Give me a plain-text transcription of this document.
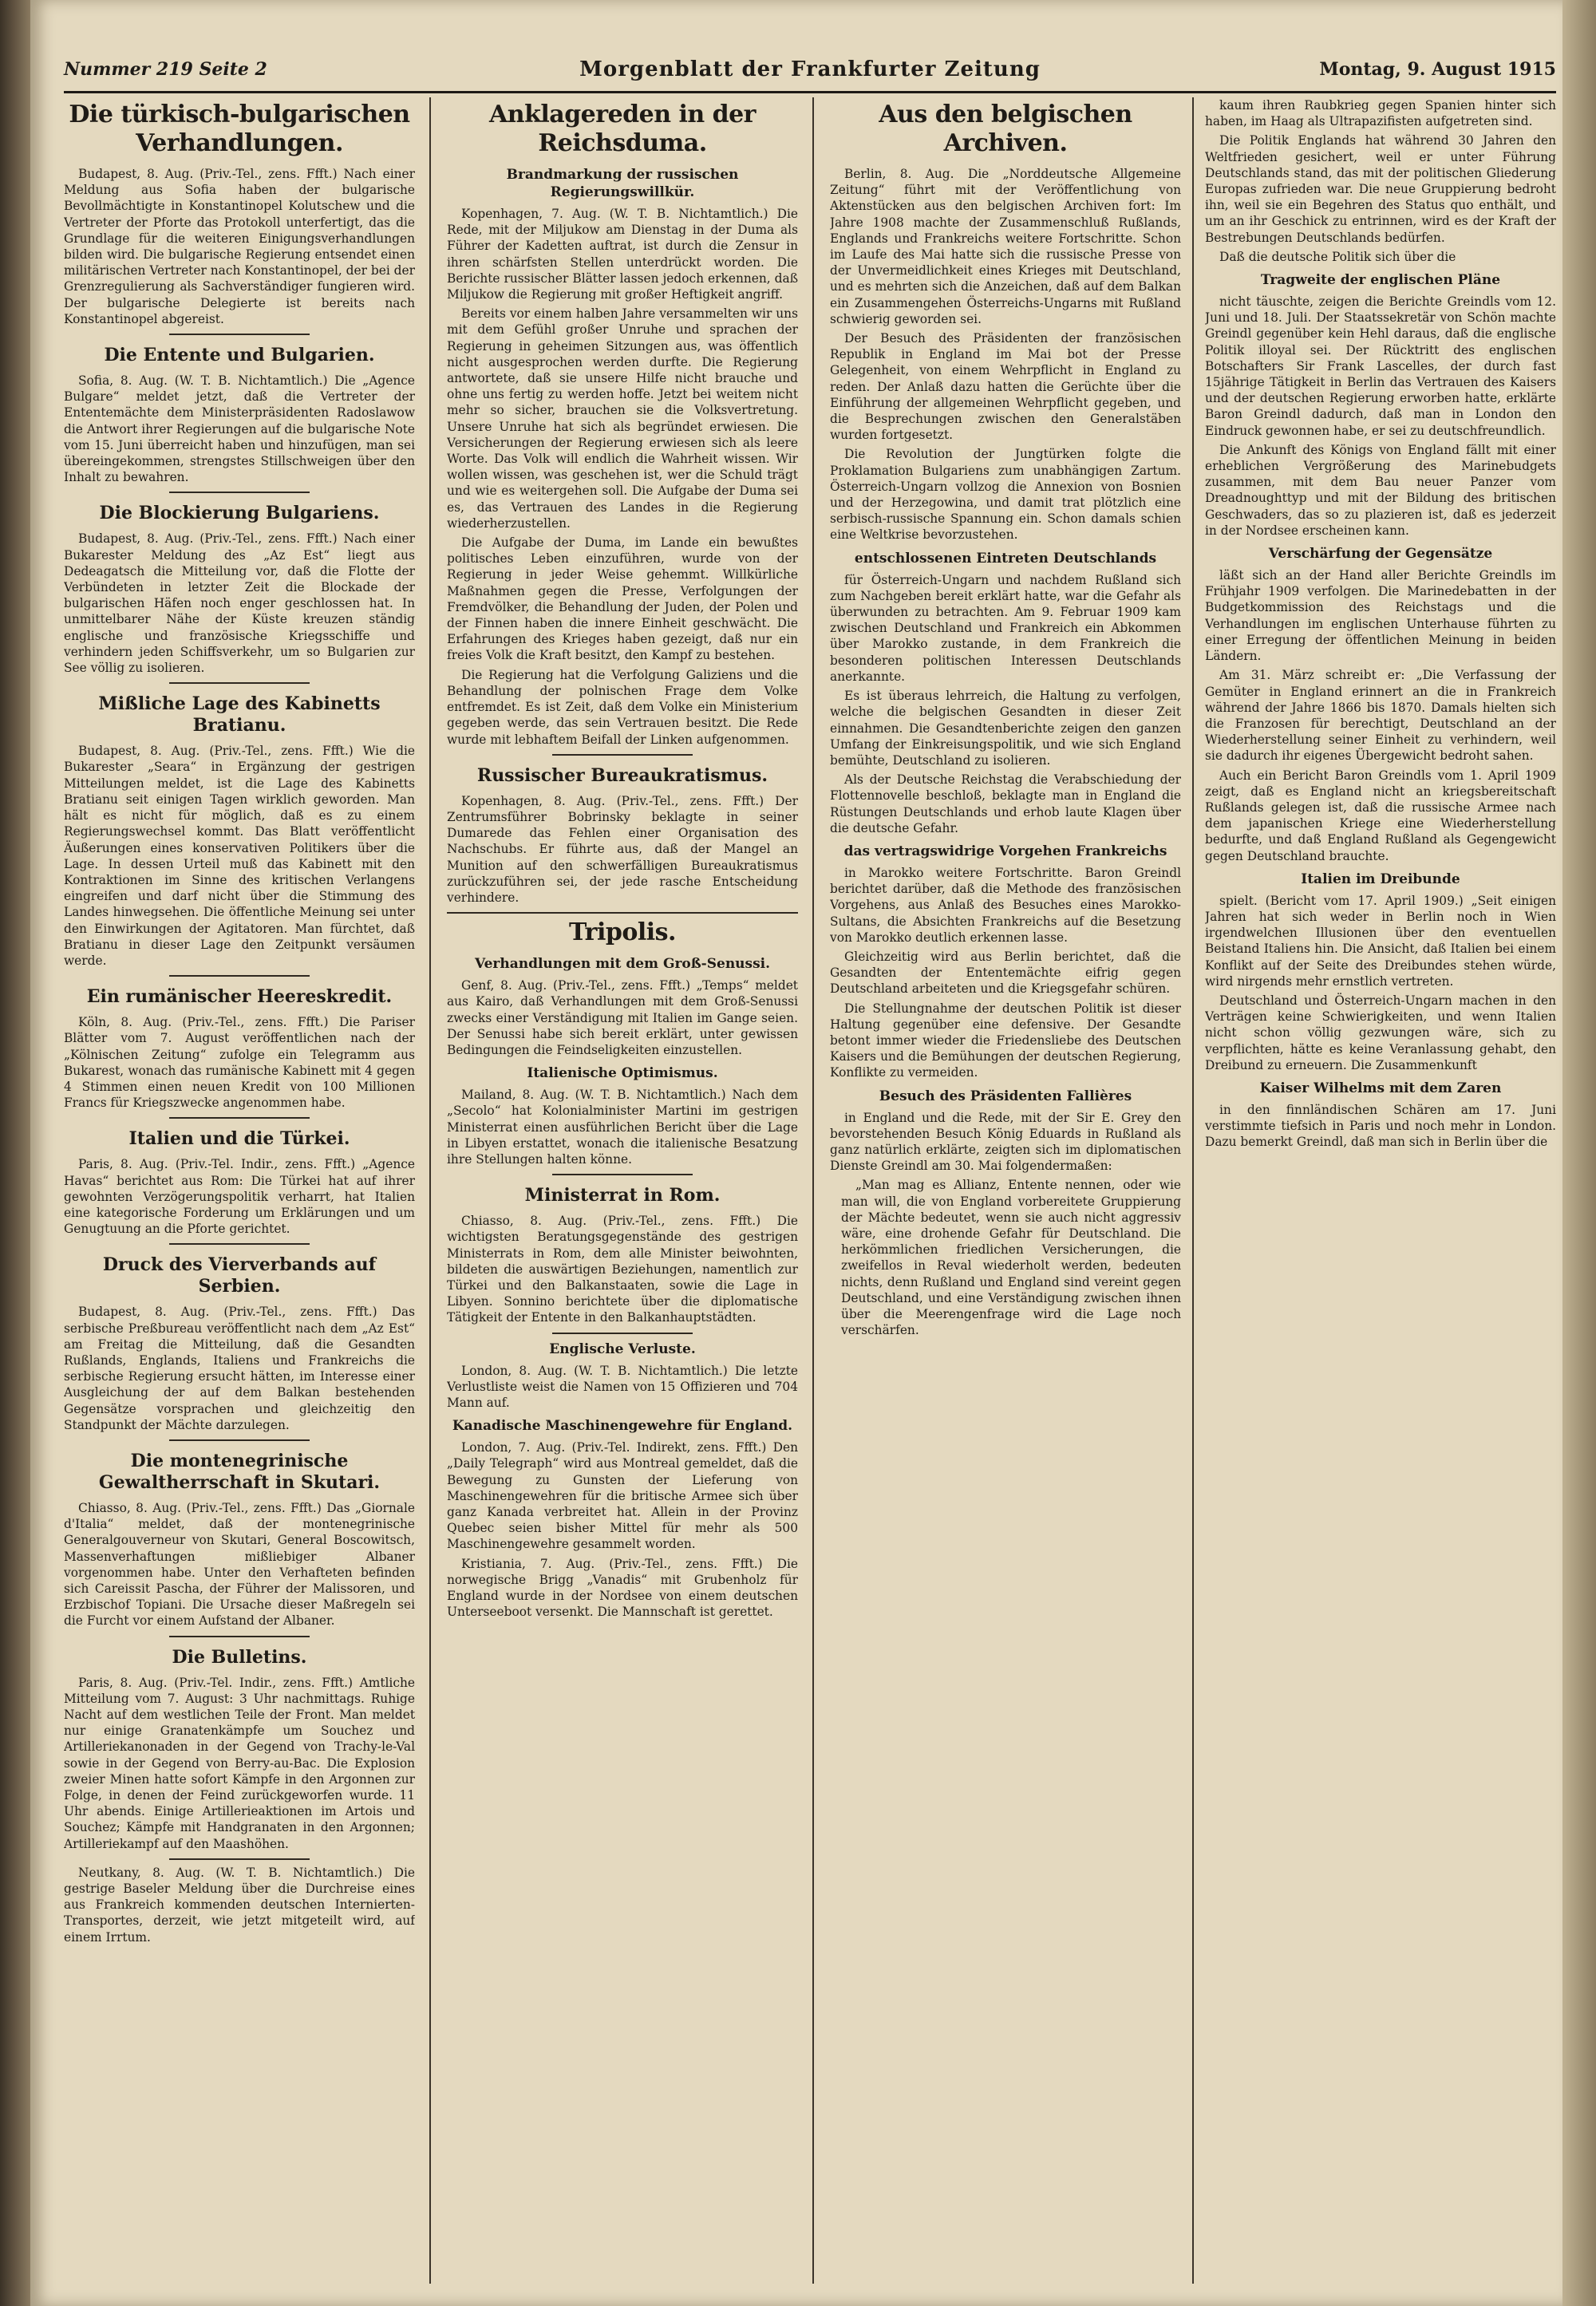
Nummer 219 Seite 2	Morgenblatt der Frankfurter Zeitung	Montag, 9. August 1915
Die türkisch-bulgarischen Verhandlungen.

Budapest, 8. Aug. (Priv.-Tel., zens. Ffft.) Nach einer Meldung aus Sofia haben der bulgarische Bevollmächtigte in Konstantinopel Kolutschew und die Vertreter der Pforte das Protokoll unterfertigt, das die Grundlage für die weiteren Einigungsverhandlungen bilden wird. Die bulgarische Regierung entsendet einen militärischen Vertreter nach Konstantinopel, der bei der Grenzregulierung als Sachverständiger fungieren wird. Der bulgarische Delegierte ist bereits nach Konstantinopel abgereist.

Die Entente und Bulgarien.

Sofia, 8. Aug. (W. T. B. Nichtamtlich.) Die „Agence Bulgare“ meldet jetzt, daß die Vertreter der Ententemächte dem Ministerpräsidenten Radoslawow die Antwort ihrer Regierungen auf die bulgarische Note vom 15. Juni überreicht haben und hinzufügen, man sei übereingekommen, strengstes Stillschweigen über den Inhalt zu bewahren.

Die Blockierung Bulgariens.

Budapest, 8. Aug. (Priv.-Tel., zens. Ffft.) Nach einer Bukarester Meldung des „Az Est“ liegt aus Dedeagatsch die Mitteilung vor, daß die Flotte der Verbündeten in letzter Zeit die Blockade der bulgarischen Häfen noch enger geschlossen hat. In unmittelbarer Nähe der Küste kreuzen ständig englische und französische Kriegsschiffe und verhindern jeden Schiffsverkehr, um so Bulgarien zur See völlig zu isolieren.

Mißliche Lage des Kabinetts Bratianu.

Budapest, 8. Aug. (Priv.-Tel., zens. Ffft.) Wie die Bukarester „Seara“ in Ergänzung der gestrigen Mitteilungen meldet, ist die Lage des Kabinetts Bratianu seit einigen Tagen wirklich geworden. Man hält es nicht für möglich, daß es zu einem Regierungswechsel kommt. Das Blatt veröffentlicht Äußerungen eines konservativen Politikers über die Lage. In dessen Urteil muß das Kabinett mit den Kontraktionen im Sinne des kritischen Verlangens eingreifen und darf nicht über die Stimmung des Landes hinwegsehen. Die öffentliche Meinung sei unter den Einwirkungen der Agitatoren. Man fürchtet, daß Bratianu in dieser Lage den Zeitpunkt versäumen werde.

Ein rumänischer Heereskredit.

Köln, 8. Aug. (Priv.-Tel., zens. Ffft.) Die Pariser Blätter vom 7. August veröffentlichen nach der „Kölnischen Zeitung“ zufolge ein Telegramm aus Bukarest, wonach das rumänische Kabinett mit 4 gegen 4 Stimmen einen neuen Kredit von 100 Millionen Francs für Kriegszwecke angenommen habe.

Italien und die Türkei.

Paris, 8. Aug. (Priv.-Tel. Indir., zens. Ffft.) „Agence Havas“ berichtet aus Rom: Die Türkei hat auf ihrer gewohnten Verzögerungspolitik verharrt, hat Italien eine kategorische Forderung um Erklärungen und um Genugtuung an die Pforte gerichtet.

Druck des Vierverbands auf Serbien.

Budapest, 8. Aug. (Priv.-Tel., zens. Ffft.) Das serbische Preßbureau veröffentlicht nach dem „Az Est“ am Freitag die Mitteilung, daß die Gesandten Rußlands, Englands, Italiens und Frankreichs die serbische Regierung ersucht hätten, im Interesse einer Ausgleichung der auf dem Balkan bestehenden Gegensätze vorsprachen und gleichzeitig den Standpunkt der Mächte darzulegen.

Die montenegrinische Gewaltherrschaft in Skutari.

Chiasso, 8. Aug. (Priv.-Tel., zens. Ffft.) Das „Giornale d'Italia“ meldet, daß der montenegrinische Generalgouverneur von Skutari, General Boscowitsch, Massenverhaftungen mißliebiger Albaner vorgenommen habe. Unter den Verhafteten befinden sich Careissit Pascha, der Führer der Malissoren, und Erzbischof Topiani. Die Ursache dieser Maßregeln sei die Furcht vor einem Aufstand der Albaner.

Die Bulletins.

Paris, 8. Aug. (Priv.-Tel. Indir., zens. Ffft.) Amtliche Mitteilung vom 7. August: 3 Uhr nachmittags. Ruhige Nacht auf dem westlichen Teile der Front. Man meldet nur einige Granatenkämpfe um Souchez und Artilleriekanonaden in der Gegend von Trachy-le-Val sowie in der Gegend von Berry-au-Bac. Die Explosion zweier Minen hatte sofort Kämpfe in den Argonnen zur Folge, in denen der Feind zurückgeworfen wurde. 11 Uhr abends. Einige Artillerieaktionen im Artois und Souchez; Kämpfe mit Handgranaten in den Argonnen; Artilleriekampf auf den Maashöhen.

Neutkany, 8. Aug. (W. T. B. Nichtamtlich.) Die gestrige Baseler Meldung über die Durchreise eines aus Frankreich kommenden deutschen Internierten-Transportes, derzeit, wie jetzt mitgeteilt wird, auf einem Irrtum.

Anklagereden in der Reichsduma.
Brandmarkung der russischen Regierungswillkür.

Kopenhagen, 7. Aug. (W. T. B. Nichtamtlich.) Die Rede, mit der Miljukow am Dienstag in der Duma als Führer der Kadetten auftrat, ist durch die Zensur in ihren schärfsten Stellen unterdrückt worden. Die Berichte russischer Blätter lassen jedoch erkennen, daß Miljukow die Regierung mit großer Heftigkeit angriff.

Bereits vor einem halben Jahre versammelten wir uns mit dem Gefühl großer Unruhe und sprachen der Regierung in geheimen Sitzungen aus, was öffentlich nicht ausgesprochen werden durfte. Die Regierung antwortete, daß sie unsere Hilfe nicht brauche und ohne uns fertig zu werden hoffe. Jetzt bei weitem nicht mehr so sicher, brauchen sie die Volksvertretung. Unsere Unruhe hat sich als begründet erwiesen. Die Versicherungen der Regierung erwiesen sich als leere Worte. Das Volk will endlich die Wahrheit wissen. Wir wollen wissen, was geschehen ist, wer die Schuld trägt und wie es weitergehen soll. Die Aufgabe der Duma sei es, das Vertrauen des Landes in die Regierung wiederherzustellen.

Die Aufgabe der Duma, im Lande ein bewußtes politisches Leben einzuführen, wurde von der Regierung in jeder Weise gehemmt. Willkürliche Maßnahmen gegen die Presse, Verfolgungen der Fremdvölker, die Behandlung der Juden, der Polen und der Finnen haben die innere Einheit geschwächt. Die Erfahrungen des Krieges haben gezeigt, daß nur ein freies Volk die Kraft besitzt, den Kampf zu bestehen.

Die Regierung hat die Verfolgung Galiziens und die Behandlung der polnischen Frage dem Volke entfremdet. Es ist Zeit, daß dem Volke ein Ministerium gegeben werde, das sein Vertrauen besitzt. Die Rede wurde mit lebhaftem Beifall der Linken aufgenommen.

Russischer Bureaukratismus.

Kopenhagen, 8. Aug. (Priv.-Tel., zens. Ffft.) Der Zentrumsführer Bobrinsky beklagte in seiner Dumarede das Fehlen einer Organisation des Nachschubs. Er führte aus, daß der Mangel an Munition auf den schwerfälligen Bureaukratismus zurückzuführen sei, der jede rasche Entscheidung verhindere.

Tripolis.
Verhandlungen mit dem Groß-Senussi.

Genf, 8. Aug. (Priv.-Tel., zens. Ffft.) „Temps“ meldet aus Kairo, daß Verhandlungen mit dem Groß-Senussi zwecks einer Verständigung mit Italien im Gange seien. Der Senussi habe sich bereit erklärt, unter gewissen Bedingungen die Feindseligkeiten einzustellen.

Italienische Optimismus.

Mailand, 8. Aug. (W. T. B. Nichtamtlich.) Nach dem „Secolo“ hat Kolonialminister Martini im gestrigen Ministerrat einen ausführlichen Bericht über die Lage in Libyen erstattet, wonach die italienische Besatzung ihre Stellungen halten könne.

Ministerrat in Rom.

Chiasso, 8. Aug. (Priv.-Tel., zens. Ffft.) Die wichtigsten Beratungsgegenstände des gestrigen Ministerrats in Rom, dem alle Minister beiwohnten, bildeten die auswärtigen Beziehungen, namentlich zur Türkei und den Balkanstaaten, sowie die Lage in Libyen. Sonnino berichtete über die diplomatische Tätigkeit der Entente in den Balkanhauptstädten.

Englische Verluste.

London, 8. Aug. (W. T. B. Nichtamtlich.) Die letzte Verlustliste weist die Namen von 15 Offizieren und 704 Mann auf.

Kanadische Maschinengewehre für England.

London, 7. Aug. (Priv.-Tel. Indirekt, zens. Ffft.) Den „Daily Telegraph“ wird aus Montreal gemeldet, daß die Bewegung zu Gunsten der Lieferung von Maschinengewehren für die britische Armee sich über ganz Kanada verbreitet hat. Allein in der Provinz Quebec seien bisher Mittel für mehr als 500 Maschinengewehre gesammelt worden.

Kristiania, 7. Aug. (Priv.-Tel., zens. Ffft.) Die norwegische Brigg „Vanadis“ mit Grubenholz für England wurde in der Nordsee von einem deutschen Unterseeboot versenkt. Die Mannschaft ist gerettet.

Aus den belgischen Archiven.

Berlin, 8. Aug. Die „Norddeutsche Allgemeine Zeitung“ führt mit der Veröffentlichung von Aktenstücken aus den belgischen Archiven fort: Im Jahre 1908 machte der Zusammenschluß Rußlands, Englands und Frankreichs weitere Fortschritte. Schon im Laufe des Mai hatte sich die russische Presse von der Unvermeidlichkeit eines Krieges mit Deutschland, und es mehrten sich die Anzeichen, daß auf dem Balkan ein Zusammengehen Österreichs-Ungarns mit Rußland schwierig geworden sei.

Der Besuch des Präsidenten der französischen Republik in England im Mai bot der Presse Gelegenheit, von einem Wehrpflicht in England zu reden. Der Anlaß dazu hatten die Gerüchte über die Einführung der allgemeinen Wehrpflicht gegeben, und die Besprechungen zwischen den Generalstäben wurden fortgesetzt.

Die Revolution der Jungtürken folgte die Proklamation Bulgariens zum unabhängigen Zartum. Österreich-Ungarn vollzog die Annexion von Bosnien und der Herzegowina, und damit trat plötzlich eine serbisch-russische Spannung ein. Schon damals schien eine Weltkrise bevorzustehen.

entschlossenen Eintreten Deutschlands

für Österreich-Ungarn und nachdem Rußland sich zum Nachgeben bereit erklärt hatte, war die Gefahr als überwunden zu betrachten. Am 9. Februar 1909 kam zwischen Deutschland und Frankreich ein Abkommen über Marokko zustande, in dem Frankreich die besonderen politischen Interessen Deutschlands anerkannte.

Es ist überaus lehrreich, die Haltung zu verfolgen, welche die belgischen Gesandten in dieser Zeit einnahmen. Die Gesandtenberichte zeigen den ganzen Umfang der Einkreisungspolitik, und wie sich England bemühte, Deutschland zu isolieren.

Als der Deutsche Reichstag die Verabschiedung der Flottennovelle beschloß, beklagte man in England die Rüstungen Deutschlands und erhob laute Klagen über die deutsche Gefahr.

das vertragswidrige Vorgehen Frankreichs

in Marokko weitere Fortschritte. Baron Greindl berichtet darüber, daß die Methode des französischen Vorgehens, aus Anlaß des Besuches eines Marokko-Sultans, die Absichten Frankreichs auf die Besetzung von Marokko deutlich erkennen lasse.

Gleichzeitig wird aus Berlin berichtet, daß die Gesandten der Ententemächte eifrig gegen Deutschland arbeiteten und die Kriegsgefahr schüren.

Die Stellungnahme der deutschen Politik ist dieser Haltung gegenüber eine defensive. Der Gesandte betont immer wieder die Friedensliebe des Deutschen Kaisers und die Bemühungen der deutschen Regierung, Konflikte zu vermeiden.

Besuch des Präsidenten Fallières

in England und die Rede, mit der Sir E. Grey den bevorstehenden Besuch König Eduards in Rußland als ganz natürlich erklärte, zeigten sich im diplomatischen Dienste Greindl am 30. Mai folgendermaßen:

„Man mag es Allianz, Entente nennen, oder wie man will, die von England vorbereitete Gruppierung der Mächte bedeutet, wenn sie auch nicht aggressiv wäre, eine drohende Gefahr für Deutschland. Die herkömmlichen friedlichen Versicherungen, die zweifellos in Reval wiederholt werden, bedeuten nichts, denn Rußland und England sind vereint gegen Deutschland, und eine Verständigung zwischen ihnen über die Meerengenfrage wird die Lage noch verschärfen.

kaum ihren Raubkrieg gegen Spanien hinter sich haben, im Haag als Ultrapazifisten aufgetreten sind.

Die Politik Englands hat während 30 Jahren den Weltfrieden gesichert, weil er unter Führung Deutschlands stand, das mit der politischen Gliederung Europas zufrieden war. Die neue Gruppierung bedroht ihn, weil sie ein Begehren des Status quo enthält, und um an ihr Geschick zu entrinnen, wird es der Kraft der Bestrebungen Deutschlands bedürfen.

Daß die deutsche Politik sich über die

Tragweite der englischen Pläne

nicht täuschte, zeigen die Berichte Greindls vom 12. Juni und 18. Juli. Der Staatssekretär von Schön machte Greindl gegenüber kein Hehl daraus, daß die englische Politik illoyal sei. Der Rücktritt des englischen Botschafters Sir Frank Lascelles, der durch fast 15jährige Tätigkeit in Berlin das Vertrauen des Kaisers und der deutschen Regierung erworben hatte, erklärte Baron Greindl dadurch, daß man in London den Eindruck gewonnen habe, er sei zu deutschfreundlich.

Die Ankunft des Königs von England fällt mit einer erheblichen Vergrößerung des Marinebudgets zusammen, mit dem Bau neuer Panzer vom Dreadnoughttyp und mit der Bildung des britischen Geschwaders, das so zu plazieren ist, daß es jederzeit in der Nordsee erscheinen kann.

Verschärfung der Gegensätze

läßt sich an der Hand aller Berichte Greindls im Frühjahr 1909 verfolgen. Die Marinedebatten in der Budgetkommission des Reichstags und die Verhandlungen im englischen Unterhause führten zu einer Erregung der öffentlichen Meinung in beiden Ländern.

Am 31. März schreibt er: „Die Verfassung der Gemüter in England erinnert an die in Frankreich während der Jahre 1866 bis 1870. Damals hielten sich die Franzosen für berechtigt, Deutschland an der Wiederherstellung seiner Einheit zu verhindern, weil sie dadurch ihr eigenes Übergewicht bedroht sahen.

Auch ein Bericht Baron Greindls vom 1. April 1909 zeigt, daß es England nicht an kriegsbereitschaft Rußlands gelegen ist, daß die russische Armee nach dem japanischen Kriege eine Wiederherstellung bedurfte, und daß England Rußland als Gegengewicht gegen Deutschland brauchte.

Italien im Dreibunde

spielt. (Bericht vom 17. April 1909.) „Seit einigen Jahren hat sich weder in Berlin noch in Wien irgendwelchen Illusionen über den eventuellen Beistand Italiens hin. Die Ansicht, daß Italien bei einem Konflikt auf der Seite des Dreibundes stehen würde, wird nirgends mehr ernstlich vertreten.

Deutschland und Österreich-Ungarn machen in den Verträgen keine Schwierigkeiten, und wenn Italien nicht schon völlig gezwungen wäre, sich zu verpflichten, hätte es keine Veranlassung gehabt, den Dreibund zu erneuern. Die Zusammenkunft

Kaiser Wilhelms mit dem Zaren

in den finnländischen Schären am 17. Juni verstimmte tiefsich in Paris und noch mehr in London. Dazu bemerkt Greindl, daß man sich in Berlin über die
